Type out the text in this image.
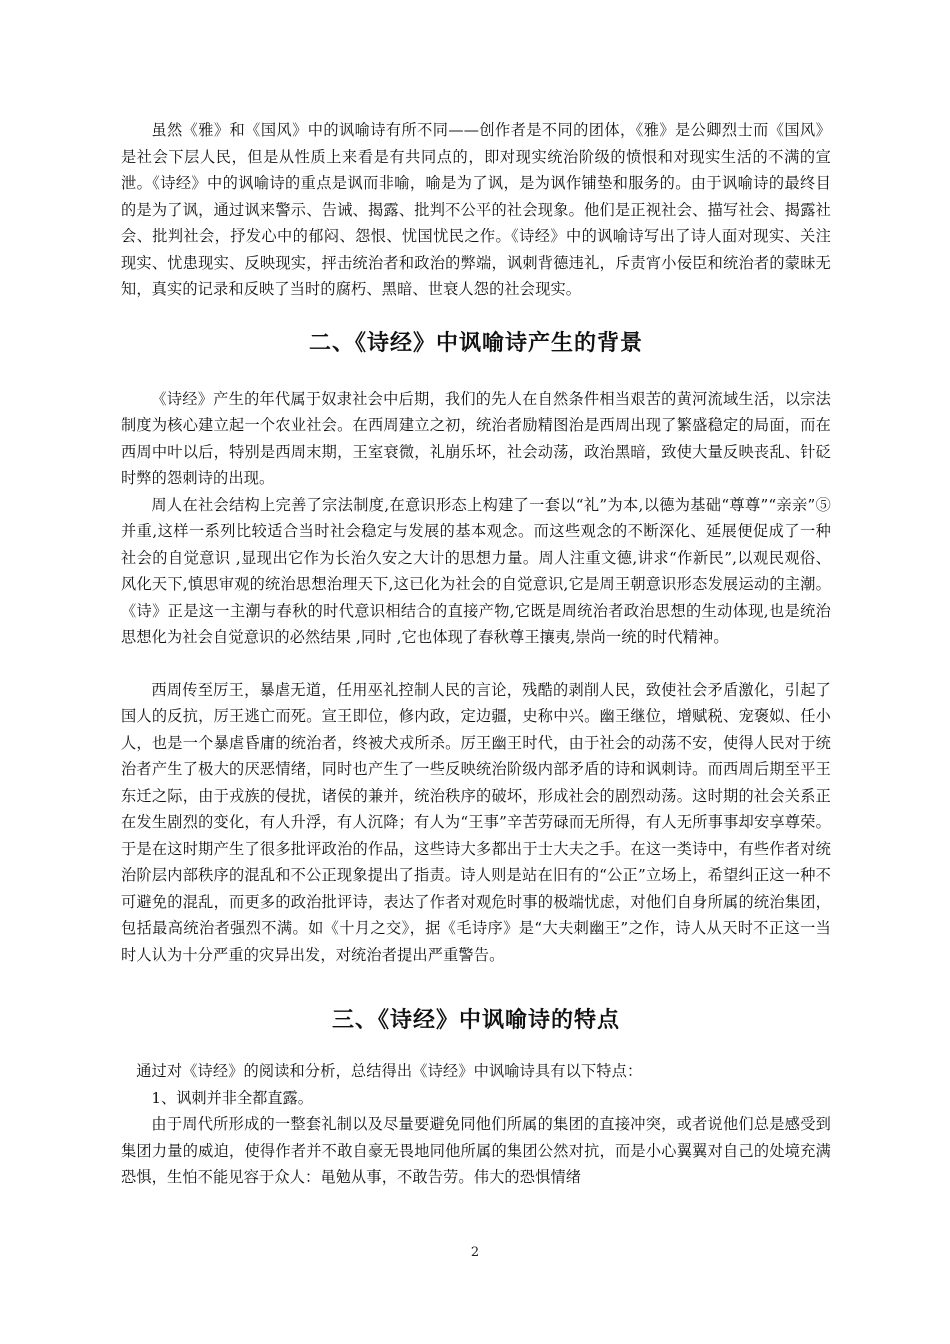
虽然《雅》和《国风》中的讽喻诗有所不同——创作者是不同的团体，《雅》是公卿烈士而《国风》是社会下层人民，但是从性质上来看是有共同点的，即对现实统治阶级的愤恨和对现实生活的不满的宣泄。《诗经》中的讽喻诗的重点是讽而非喻，喻是为了讽，是为讽作铺垫和服务的。由于讽喻诗的最终目的是为了讽，通过讽来警示、告诫、揭露、批判不公平的社会现象。他们是正视社会、描写社会、揭露社会、批判社会，抒发心中的郁闷、怨恨、忧国忧民之作。《诗经》中的讽喻诗写出了诗人面对现实、关注现实、忧患现实、反映现实，抨击统治者和政治的弊端，讽刺背德违礼，斥责宵小佞臣和统治者的蒙昧无知，真实的记录和反映了当时的腐朽、黑暗、世衰人怨的社会现实。

二、《诗经》中讽喻诗产生的背景

《诗经》产生的年代属于奴隶社会中后期，我们的先人在自然条件相当艰苦的黄河流域生活，以宗法制度为核心建立起一个农业社会。在西周建立之初，统治者励精图治是西周出现了繁盛稳定的局面，而在西周中叶以后，特别是西周末期，王室衰微，礼崩乐坏，社会动荡，政治黑暗，致使大量反映丧乱、针砭时弊的怨刺诗的出现。

周人在社会结构上完善了宗法制度,在意识形态上构建了一套以“礼”为本,以德为基础“尊尊”“亲亲”⑤并重,这样一系列比较适合当时社会稳定与发展的基本观念。而这些观念的不断深化、延展便促成了一种社会的自觉意识 ,显现出它作为长治久安之大计的思想力量。周人注重文德,讲求“作新民”,以观民观俗、风化天下,慎思审观的统治思想治理天下,这已化为社会的自觉意识,它是周王朝意识形态发展运动的主潮。《诗》正是这一主潮与春秋的时代意识相结合的直接产物,它既是周统治者政治思想的生动体现,也是统治思想化为社会自觉意识的必然结果 ,同时 ,它也体现了春秋尊王攘夷,崇尚一统的时代精神。

西周传至厉王，暴虐无道，任用巫礼控制人民的言论，残酷的剥削人民，致使社会矛盾激化，引起了国人的反抗，厉王逃亡而死。宣王即位，修内政，定边疆，史称中兴。幽王继位，增赋税、宠褒姒、任小人，也是一个暴虐昏庸的统治者，终被犬戎所杀。厉王幽王时代，由于社会的动荡不安，使得人民对于统治者产生了极大的厌恶情绪，同时也产生了一些反映统治阶级内部矛盾的诗和讽刺诗。而西周后期至平王东迁之际，由于戎族的侵扰，诸侯的兼并，统治秩序的破坏，形成社会的剧烈动荡。这时期的社会关系正在发生剧烈的变化，有人升浮，有人沉降；有人为“王事”辛苦劳碌而无所得，有人无所事事却安享尊荣。于是在这时期产生了很多批评政治的作品，这些诗大多都出于士大夫之手。在这一类诗中，有些作者对统治阶层内部秩序的混乱和不公正现象提出了指责。诗人则是站在旧有的“公正”立场上，希望纠正这一种不可避免的混乱，而更多的政治批评诗，表达了作者对观危时事的极端忧虑，对他们自身所属的统治集团，包括最高统治者强烈不满。如《十月之交》，据《毛诗序》是“大夫刺幽王”之作，诗人从天时不正这一当时人认为十分严重的灾异出发，对统治者提出严重警告。

三、《诗经》中讽喻诗的特点

通过对《诗经》的阅读和分析，总结得出《诗经》中讽喻诗具有以下特点：

1、讽刺并非全都直露。

由于周代所形成的一整套礼制以及尽量要避免同他们所属的集团的直接冲突，或者说他们总是感受到集团力量的威迫，使得作者并不敢自豪无畏地同他所属的集团公然对抗，而是小心翼翼对自己的处境充满恐惧，生怕不能见容于众人：黾勉从事，不敢告劳。伟大的恐惧情绪

2
